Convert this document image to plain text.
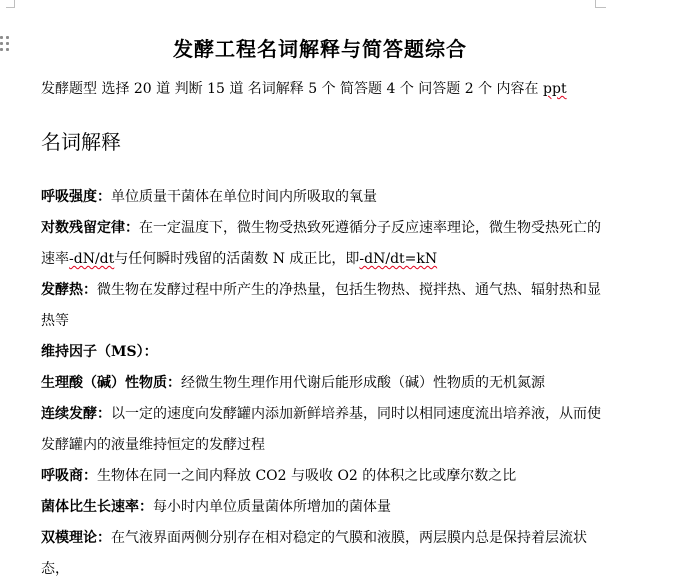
发酵工程名词解释与简答题综合
发酵题型 选择 20 道 判断 15 道 名词解释 5 个 简答题 4 个 问答题 2 个 内容在 ppt
名词解释

呼吸强度：单位质量干菌体在单位时间内所吸取的氧量

对数残留定律：在一定温度下，微生物受热致死遵循分子反应速率理论，微生物受热死亡的速率-dN/dt与任何瞬时残留的活菌数 N 成正比，即-dN/dt=kN

发酵热：微生物在发酵过程中所产生的净热量，包括生物热、搅拌热、通气热、辐射热和显热等

维持因子（MS）：

生理酸（碱）性物质：经微生物生理作用代谢后能形成酸（碱）性物质的无机氮源

连续发酵：以一定的速度向发酵罐内添加新鲜培养基，同时以相同速度流出培养液，从而使发酵罐内的液量维持恒定的发酵过程

呼吸商：生物体在同一之间内释放 CO2 与吸收 O2 的体积之比或摩尔数之比

菌体比生长速率：每小时内单位质量菌体所增加的菌体量

双模理论：在气液界面两侧分别存在相对稳定的气膜和液膜，两层膜内总是保持着层流状态，
